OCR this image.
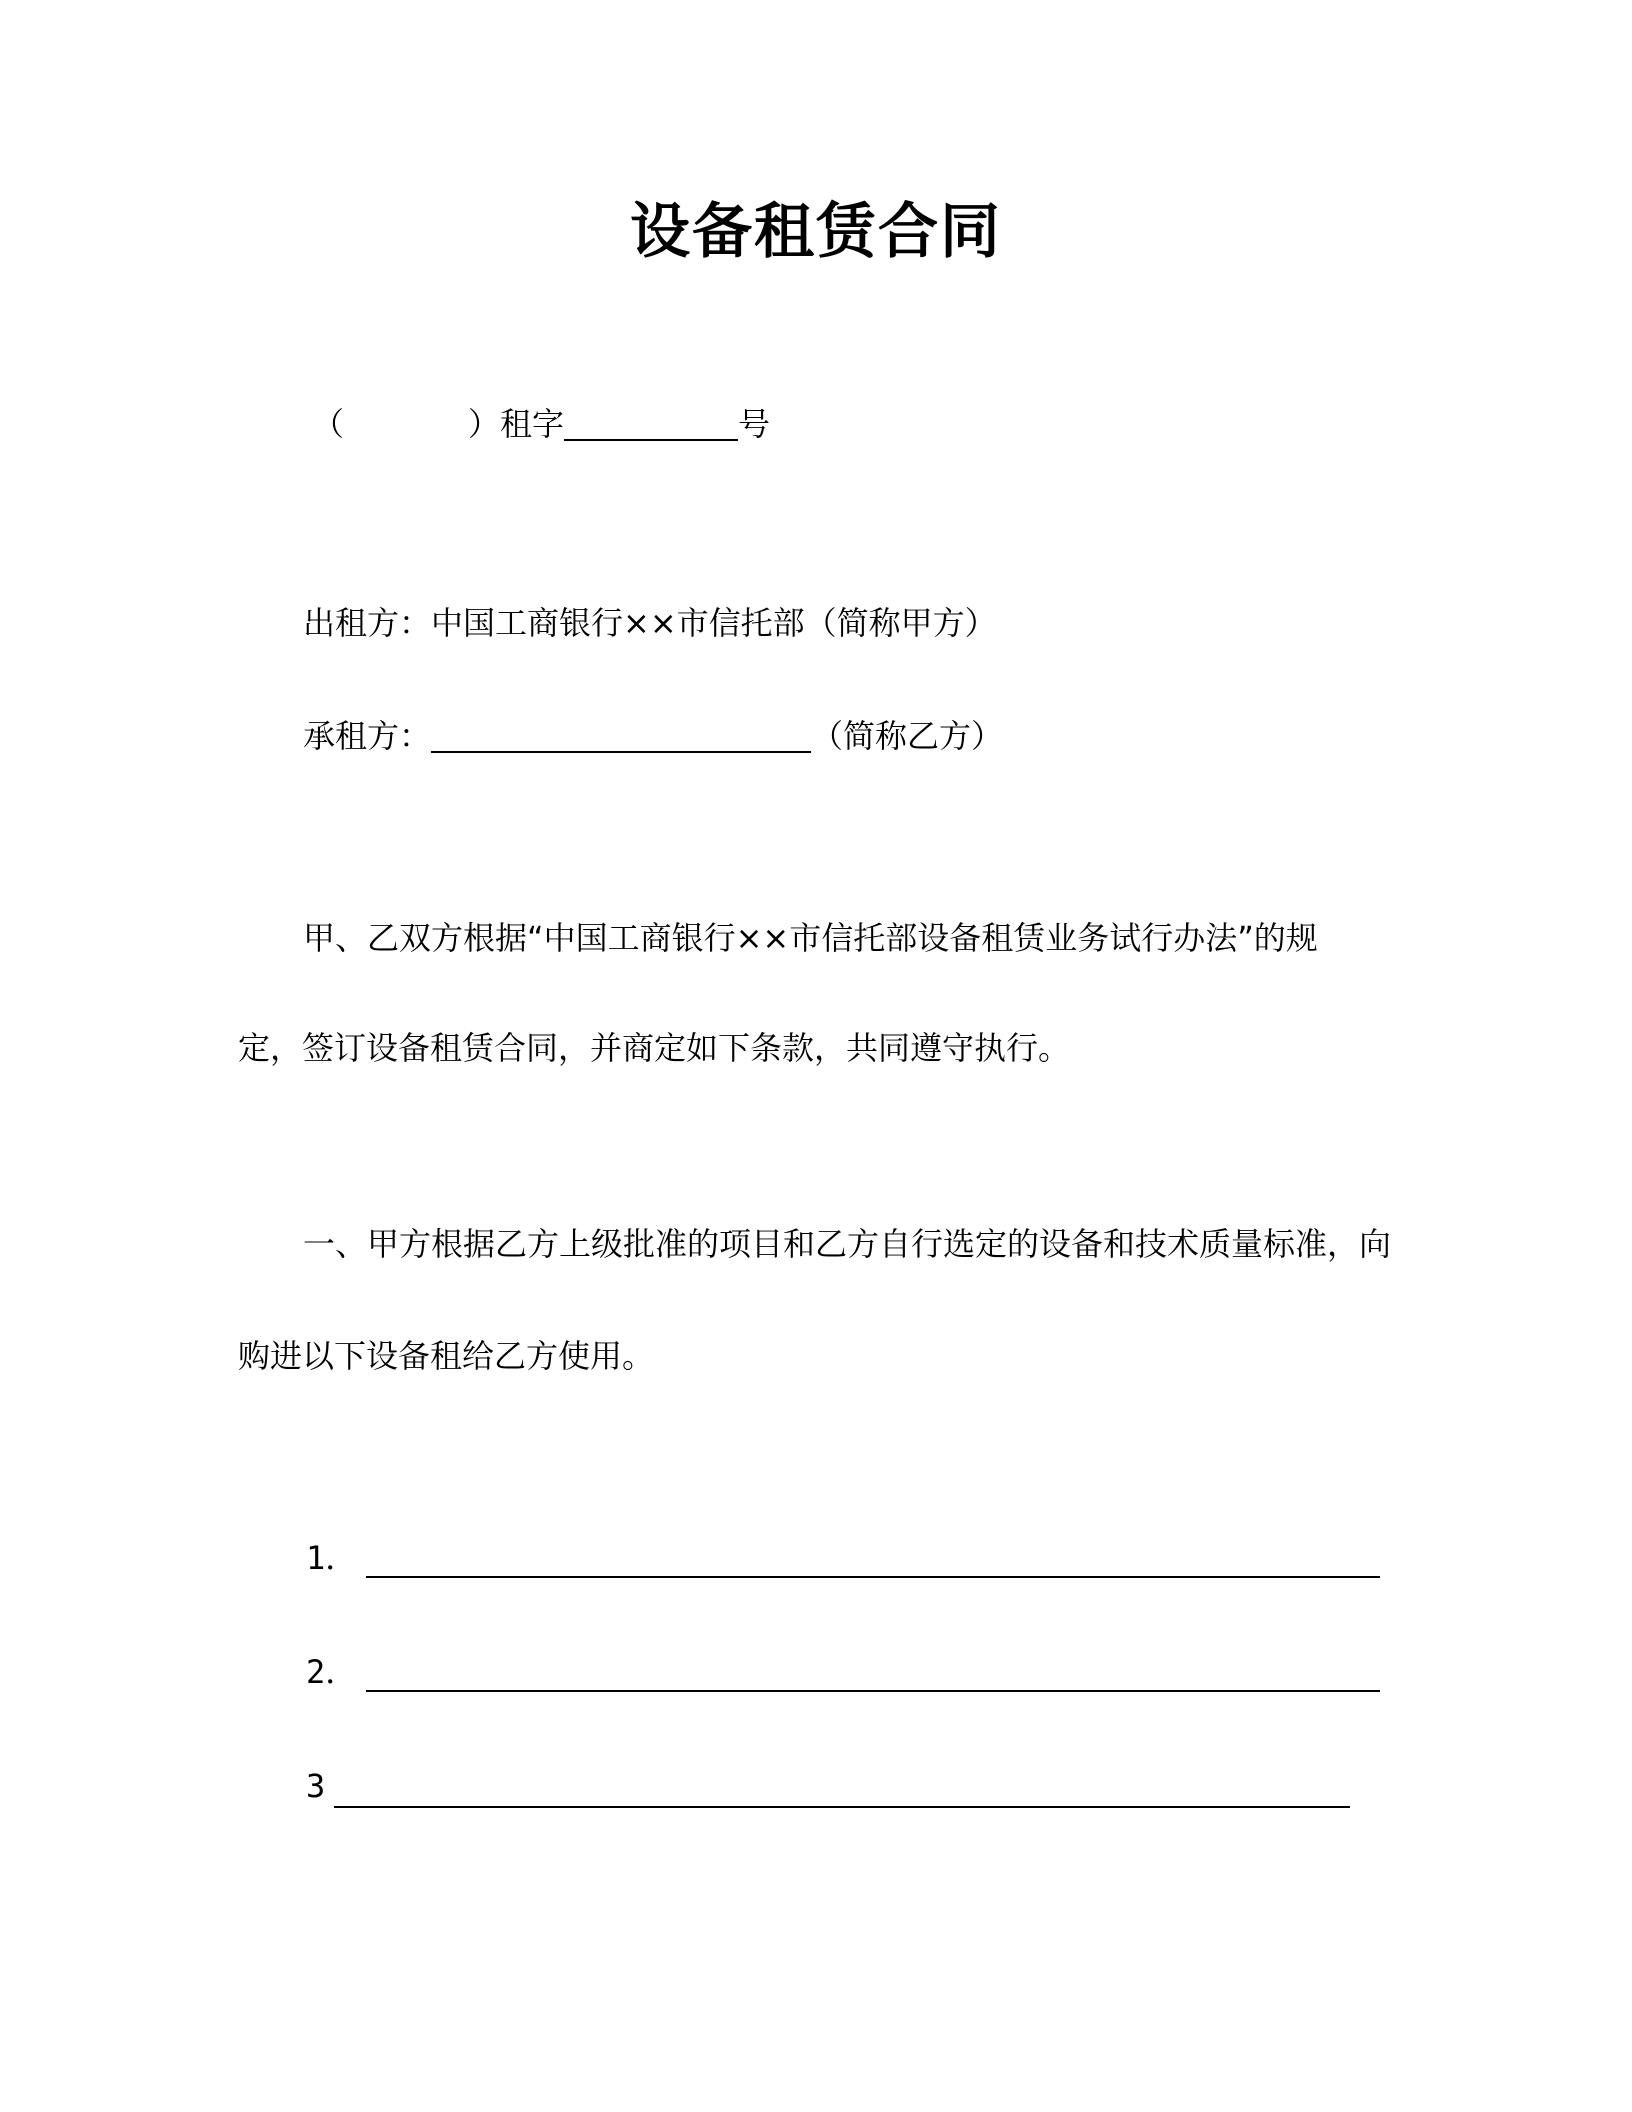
设备租赁合同
（	）租字	号
出租方：中国工商银行××市信托部（简称甲方）
承租方：	（简称乙方）
甲、乙双方根据“中国工商银行××市信托部设备租赁业务试行办法”的规
定，签订设备租赁合同，并商定如下条款，共同遵守执行。
一、甲方根据乙方上级批准的项目和乙方自行选定的设备和技术质量标准，向
购进以下设备租给乙方使用。
1．
2．
3
